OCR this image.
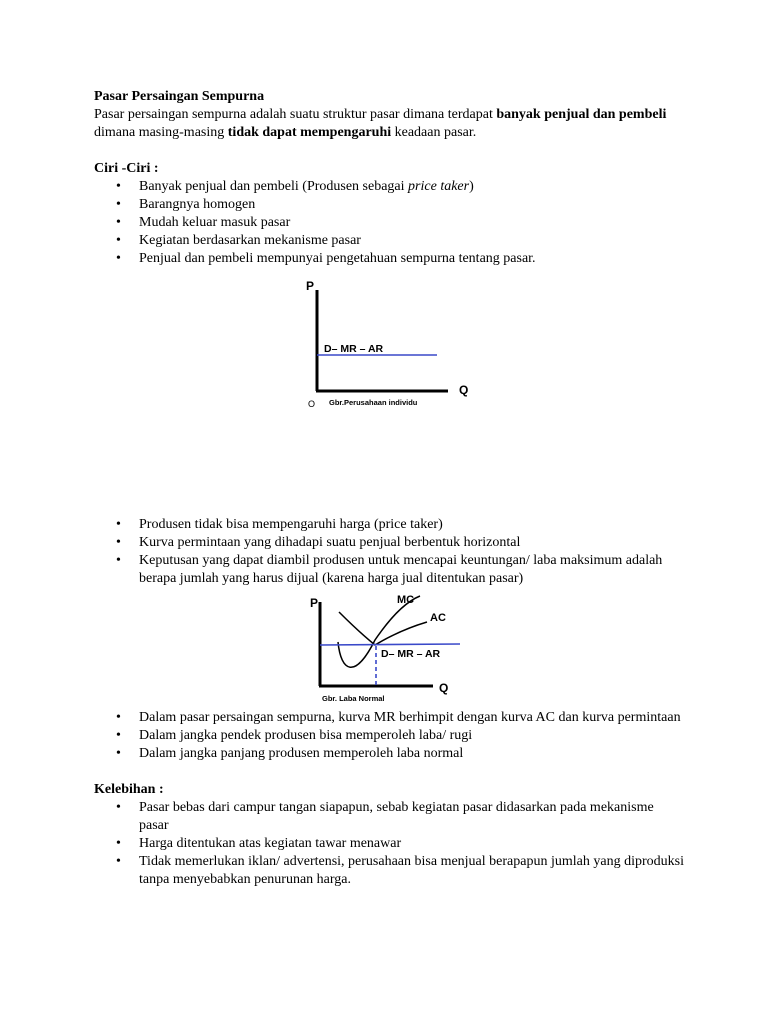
Pasar Persaingan Sempurna

Pasar persaingan sempurna adalah suatu struktur pasar dimana terdapat banyak penjual dan pembeli dimana masing-masing tidak dapat mempengaruhi keadaan pasar.

Ciri -Ciri :

• Banyak penjual dan pembeli (Produsen sebagai price taker)
• Barangnya homogen
• Mudah keluar masuk pasar
• Kegiatan berdasarkan mekanisme pasar
• Penjual dan pembeli mempunyai pengetahuan sempurna tentang pasar.
P
Q
O
D– MR – AR
Gbr.Perusahaan individu
• Produsen tidak bisa mempengaruhi harga (price taker)
• Kurva permintaan yang dihadapi suatu penjual berbentuk horizontal
• Keputusan yang dapat diambil produsen untuk mencapai keuntungan/ laba maksimum adalah berapa jumlah yang harus dijual (karena harga jual ditentukan pasar)
P
Q
MC
AC
D– MR – AR
Gbr. Laba Normal
• Dalam pasar persaingan sempurna, kurva MR berhimpit dengan kurva AC dan kurva permintaan
• Dalam jangka pendek produsen bisa memperoleh laba/ rugi
• Dalam jangka panjang produsen memperoleh laba normal

Kelebihan :

• Pasar bebas dari campur tangan siapapun, sebab kegiatan pasar didasarkan pada mekanisme pasar
• Harga ditentukan atas kegiatan tawar menawar
• Tidak memerlukan iklan/ advertensi, perusahaan bisa menjual berapapun jumlah yang diproduksi tanpa menyebabkan penurunan harga.
